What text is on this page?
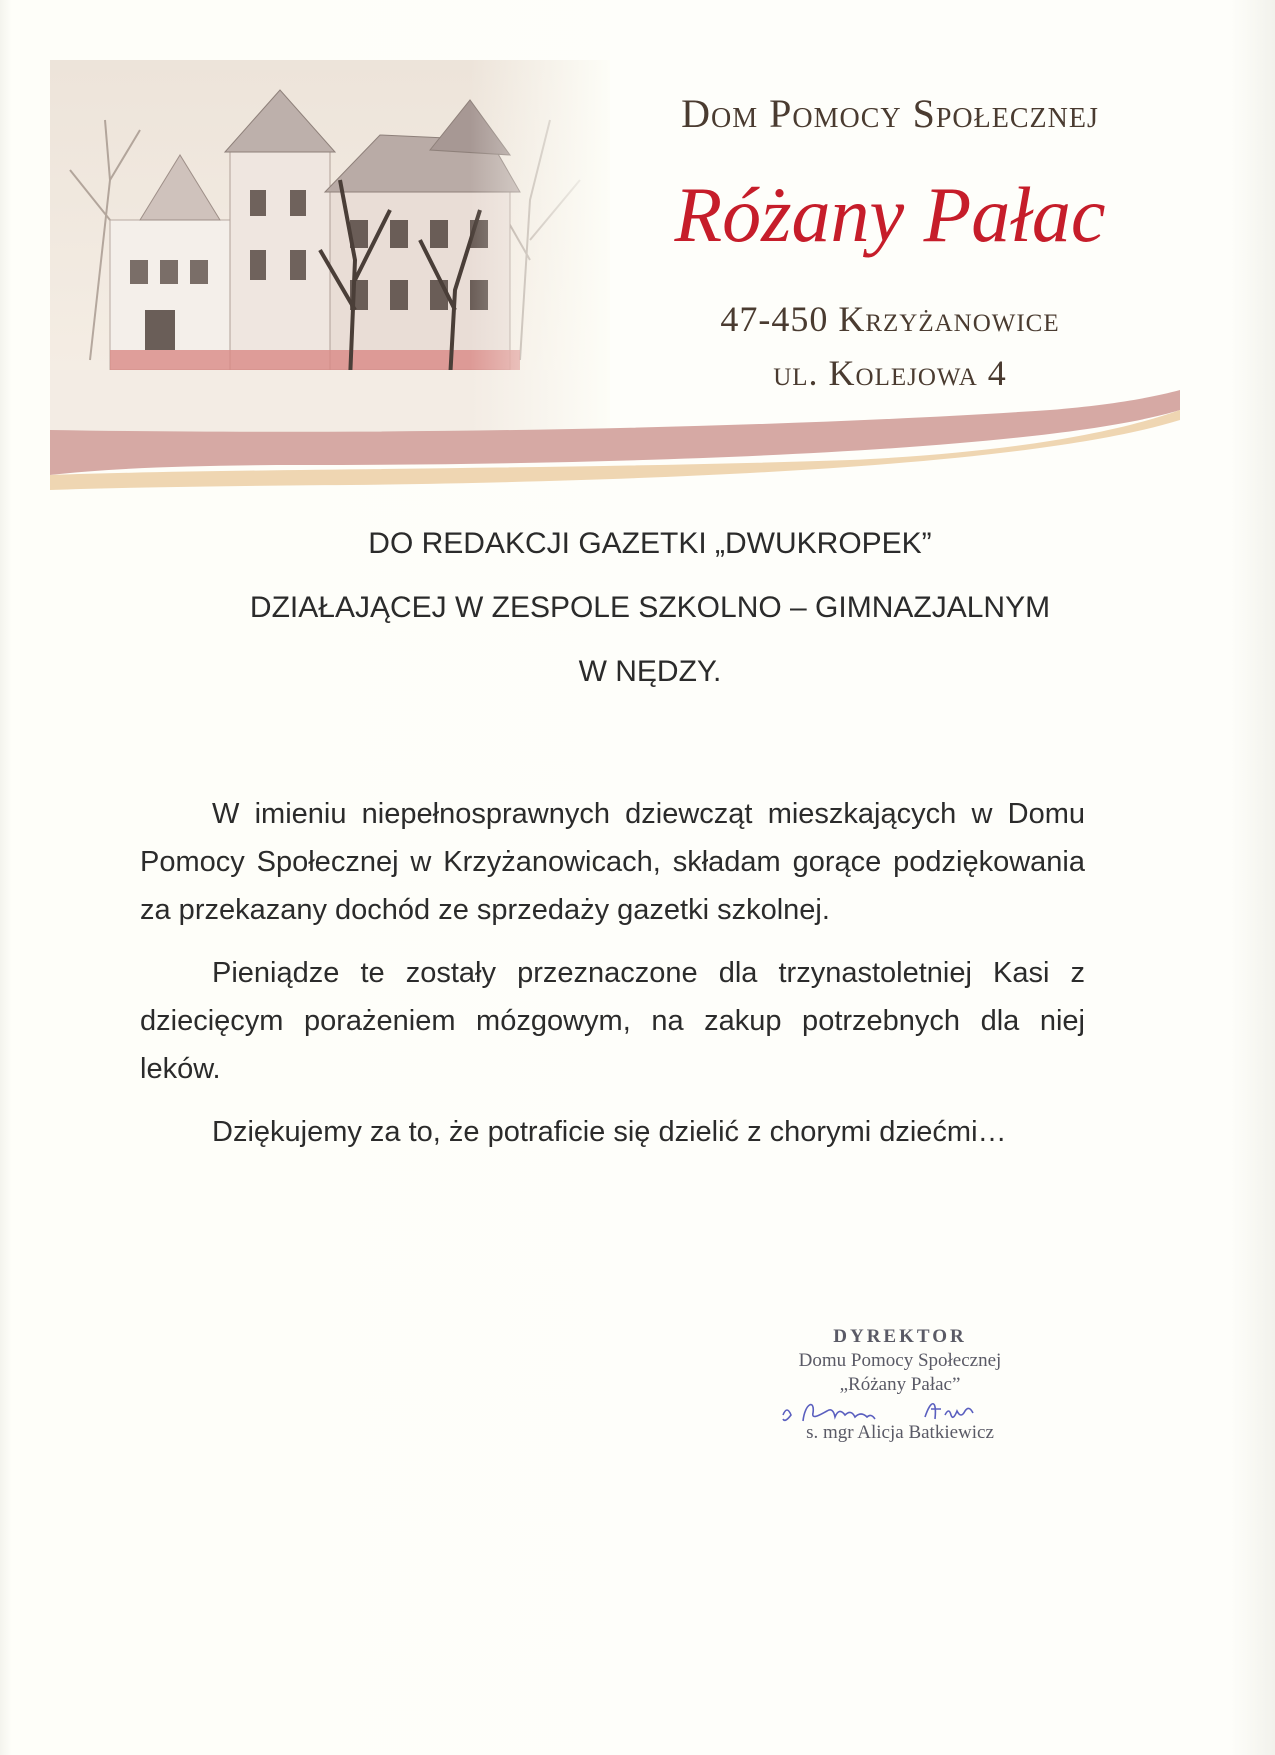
Dom Pomocy Społecznej
Różany Pałac
47-450 Krzyżanowice
ul. Kolejowa 4
DO REDAKCJI GAZETKI „DWUKROPEK”
DZIAŁAJĄCEJ W ZESPOLE SZKOLNO – GIMNAZJALNYM
W NĘDZY.

W imieniu niepełnosprawnych dziewcząt mieszkających w Domu Pomocy Społecznej w Krzyżanowicach, składam gorące podziękowania za przekazany dochód ze sprzedaży gazetki szkolnej.

Pieniądze te zostały przeznaczone dla trzynastoletniej Kasi z dziecięcym porażeniem mózgowym, na zakup potrzebnych dla niej leków.

Dziękujemy za to, że potraficie się dzielić z chorymi dziećmi…

DYREKTOR
Domu Pomocy Społecznej
„Różany Pałac”
s. mgr Alicja Batkiewicz
